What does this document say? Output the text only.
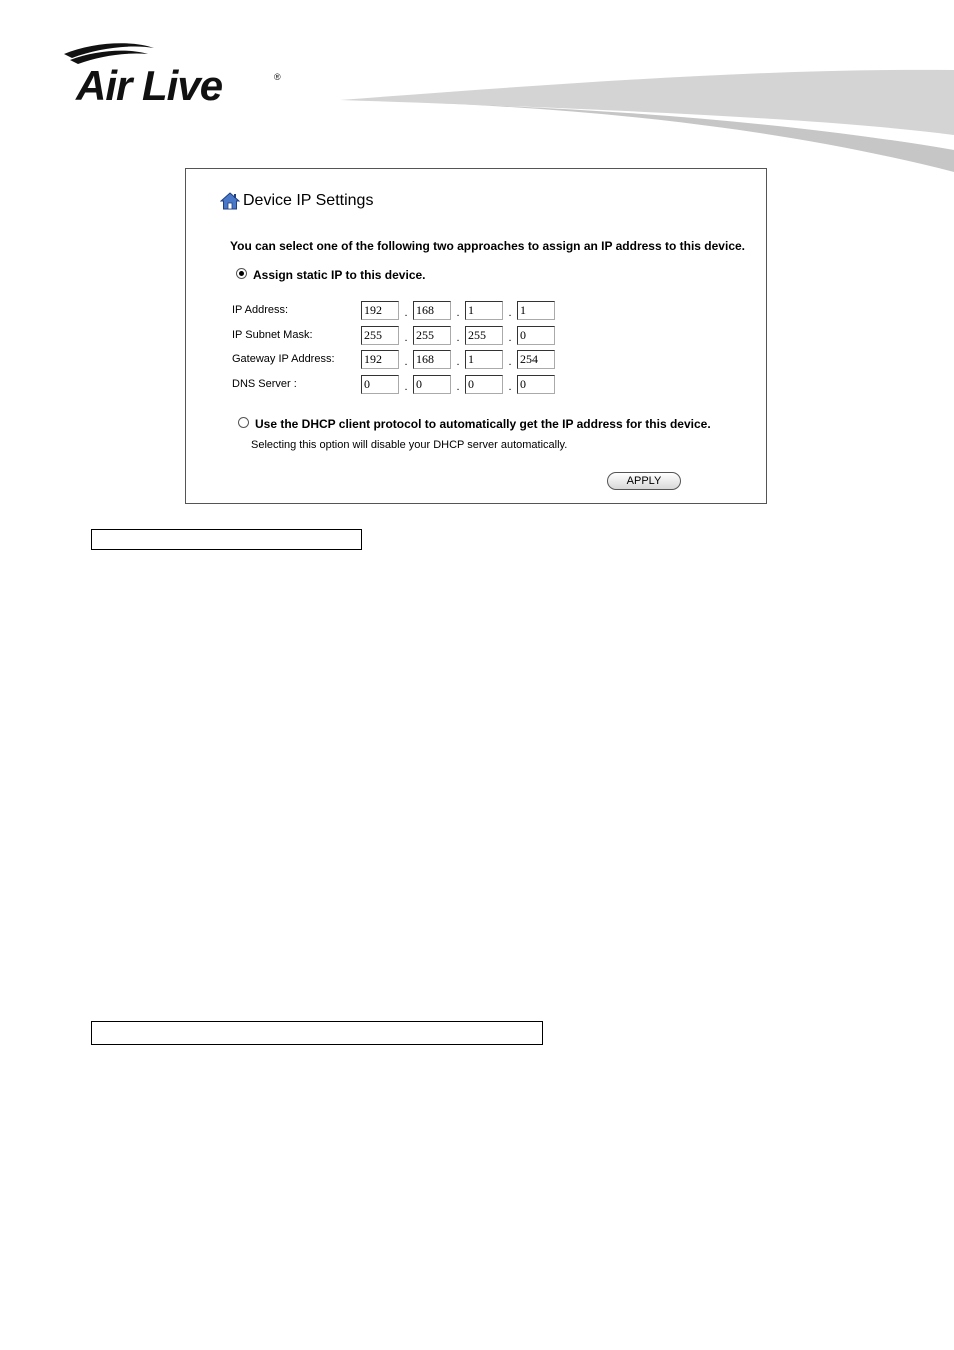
Air Live	®
Device IP Settings
You can select one of the following two approaches to assign an IP address to this device.
Assign static IP to this device.
IP Address:	192	. 168	. 1	. 1
IP Subnet Mask:	255	. 255	. 255	. 0
Gateway IP Address:	192	. 168	. 1	. 254
DNS Server :	0	. 0	. 0	. 0
Use the DHCP client protocol to automatically get the IP address for this device.
Selecting this option will disable your DHCP server automatically.
APPLY
